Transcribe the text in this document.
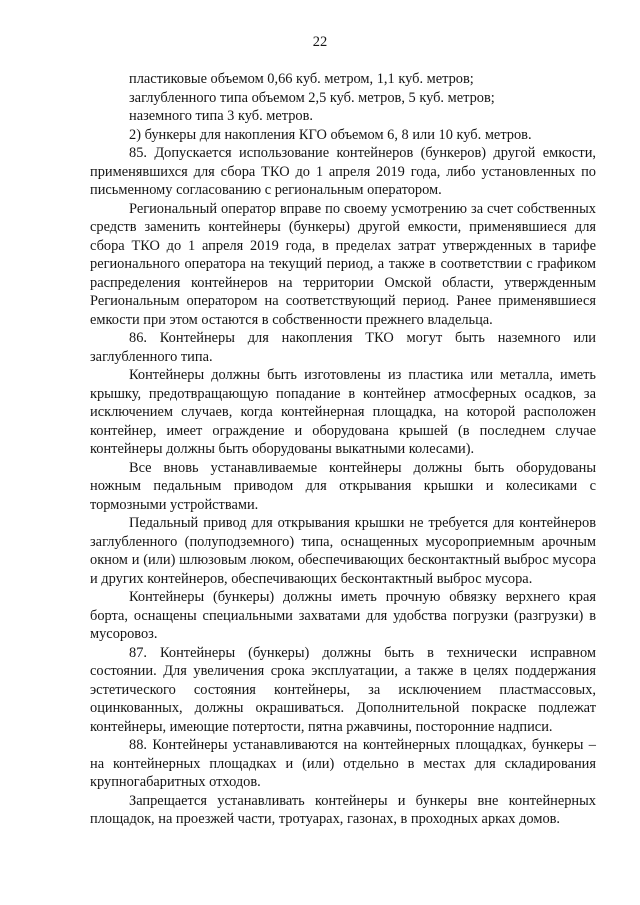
22

пластиковые объемом 0,66 куб. метром, 1,1 куб. метров;

заглубленного типа объемом 2,5 куб. метров, 5 куб. метров;

наземного типа 3 куб. метров.

2) бункеры для накопления КГО объемом 6, 8 или 10 куб. метров.

85. Допускается использование контейнеров (бункеров) другой емкости, применявшихся для сбора ТКО до 1 апреля 2019 года, либо установленных по письменному согласованию с региональным оператором.

Региональный оператор вправе по своему усмотрению за счет собственных средств заменить контейнеры (бункеры) другой емкости, применявшиеся для сбора ТКО до 1 апреля 2019 года, в пределах затрат утвержденных в тарифе регионального оператора на текущий период, а также в соответствии с графиком распределения контейнеров на территории Омской области, утвержденным Региональным оператором на соответствующий период. Ранее применявшиеся емкости при этом остаются в собственности прежнего владельца.

86. Контейнеры для накопления ТКО могут быть наземного или заглубленного типа.

Контейнеры должны быть изготовлены из пластика или металла, иметь крышку, предотвращающую попадание в контейнер атмосферных осадков, за исключением случаев, когда контейнерная площадка, на которой расположен контейнер, имеет ограждение и оборудована крышей (в последнем случае контейнеры должны быть оборудованы выкатными колесами).

Все вновь устанавливаемые контейнеры должны быть оборудованы ножным педальным приводом для открывания крышки и колесиками с тормозными устройствами.

Педальный привод для открывания крышки не требуется для контейнеров заглубленного (полуподземного) типа, оснащенных мусороприемным арочным окном и (или) шлюзовым люком, обеспечивающих бесконтактный выброс мусора и других контейнеров, обеспечивающих бесконтактный выброс мусора.

Контейнеры (бункеры) должны иметь прочную обвязку верхнего края борта, оснащены специальными захватами для удобства погрузки (разгрузки) в мусоровоз.

87. Контейнеры (бункеры) должны быть в технически исправном состоянии. Для увеличения срока эксплуатации, а также в целях поддержания эстетического состояния контейнеры, за исключением пластмассовых, оцинкованных, должны окрашиваться. Дополнительной покраске подлежат контейнеры, имеющие потертости, пятна ржавчины, посторонние надписи.

88. Контейнеры устанавливаются на контейнерных площадках, бункеры – на контейнерных площадках и (или) отдельно в местах для складирования крупногабаритных отходов.

Запрещается устанавливать контейнеры и бункеры вне контейнерных площадок, на проезжей части, тротуарах, газонах, в проходных арках домов.
